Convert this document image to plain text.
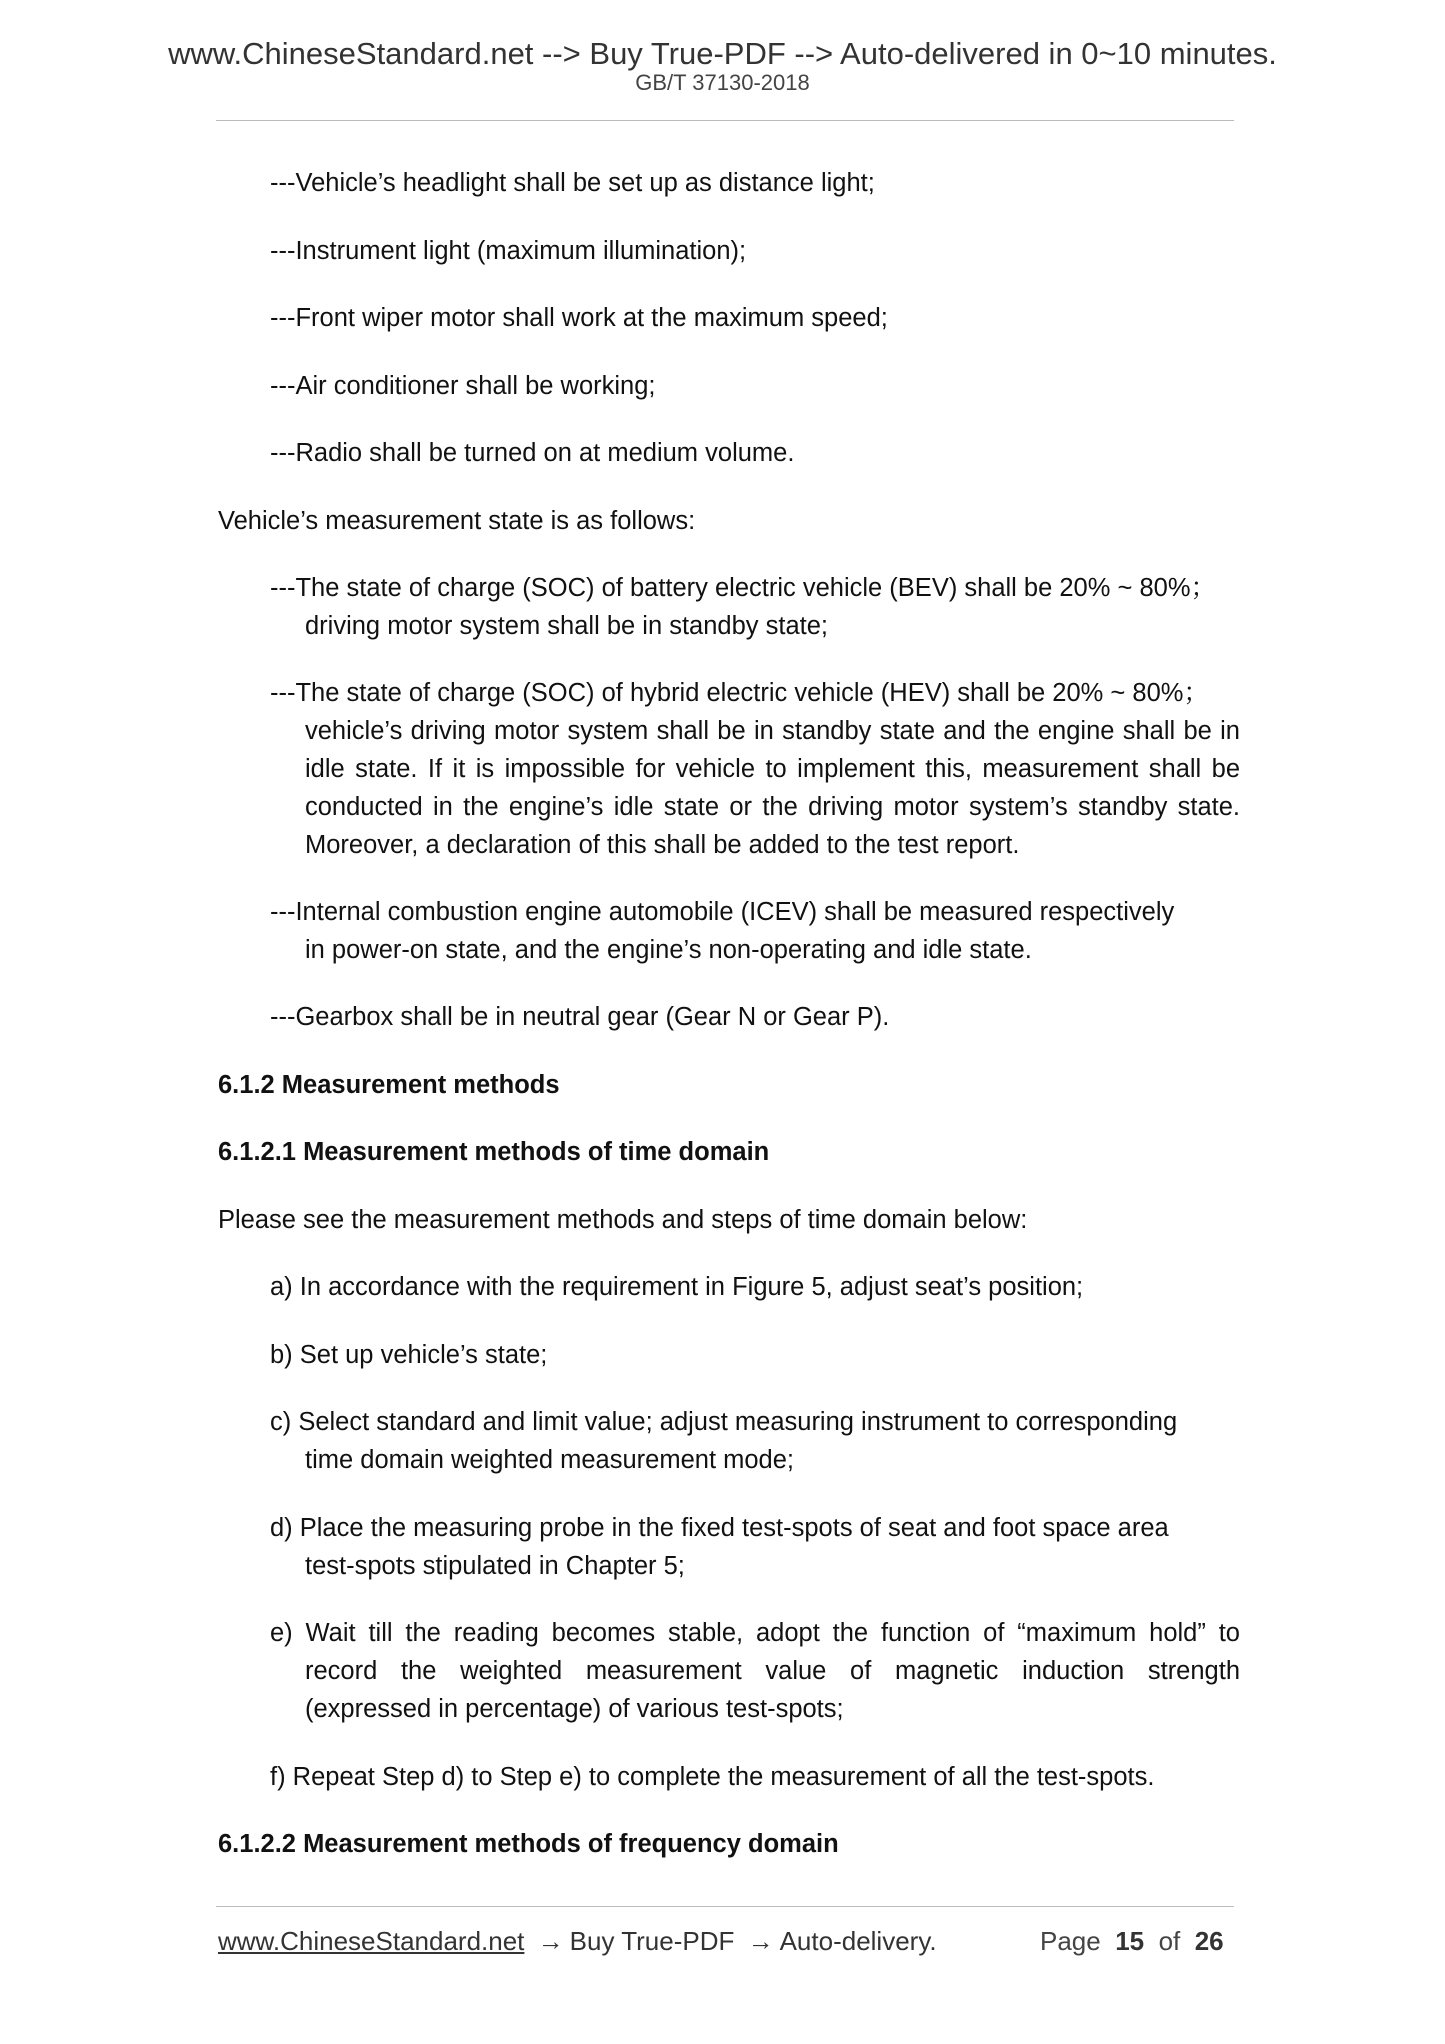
www.ChineseStandard.net --> Buy True-PDF --> Auto-delivered in 0~10 minutes.
GB/T 37130-2018
---Vehicle’s headlight shall be set up as distance light;
---Instrument light (maximum illumination);
---Front wiper motor shall work at the maximum speed;
---Air conditioner shall be working;
---Radio shall be turned on at medium volume.
Vehicle’s measurement state is as follows:
---The state of charge (SOC) of battery electric vehicle (BEV) shall be 20% ~ 80%；
driving motor system shall be in standby state;
---The state of charge (SOC) of hybrid electric vehicle (HEV) shall be 20% ~ 80%；
vehicle’s driving motor system shall be in standby state and the engine shall be in idle state. If it is impossible for vehicle to implement this, measurement shall be conducted in the engine’s idle state or the driving motor system’s standby state. Moreover, a declaration of this shall be added to the test report.
---Internal combustion engine automobile (ICEV) shall be measured respectively
in power-on state, and the engine’s non-operating and idle state.
---Gearbox shall be in neutral gear (Gear N or Gear P).
6.1.2 Measurement methods
6.1.2.1 Measurement methods of time domain
Please see the measurement methods and steps of time domain below:
a) In accordance with the requirement in Figure 5, adjust seat’s position;
b) Set up vehicle’s state;
c) Select standard and limit value; adjust measuring instrument to corresponding
time domain weighted measurement mode;
d) Place the measuring probe in the fixed test-spots of seat and foot space area
test-spots stipulated in Chapter 5;
e) Wait till the reading becomes stable, adopt the function of “maximum hold” to
record the weighted measurement value of magnetic induction strength
(expressed in percentage) of various test-spots;
f) Repeat Step d) to Step e) to complete the measurement of all the test-spots.
6.1.2.2 Measurement methods of frequency domain
www.ChineseStandard.net → Buy True-PDF → Auto-delivery.	Page 15 of 26
